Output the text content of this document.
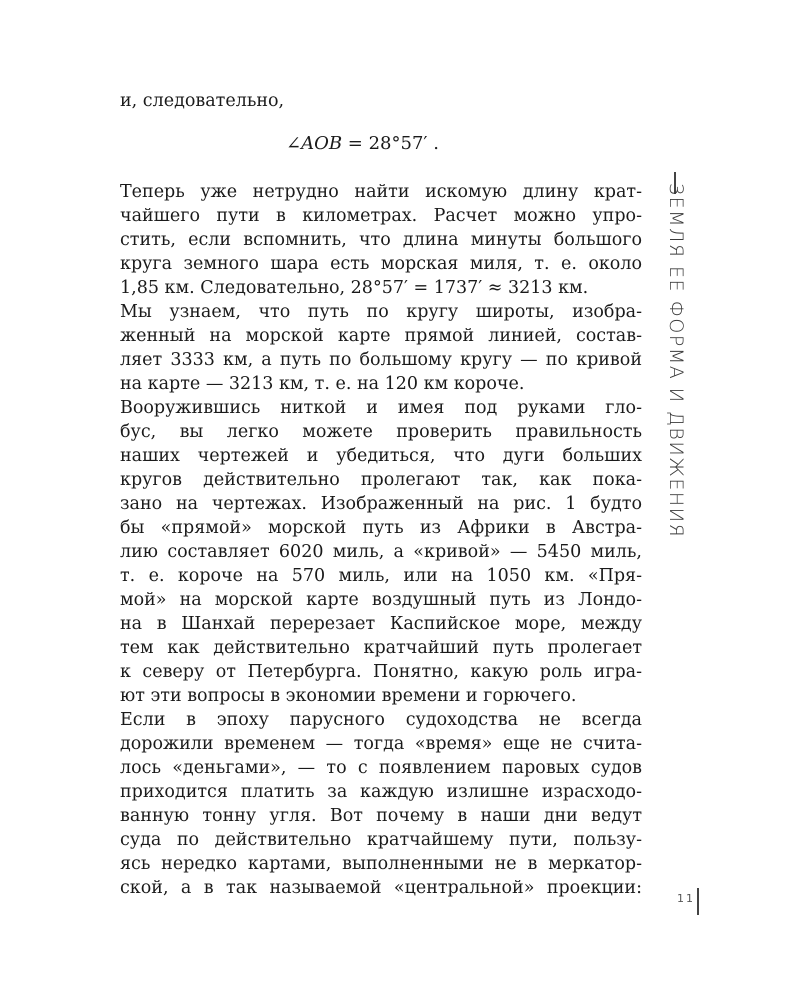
и, следовательно,
∠AOB = 28°57′ .
Теперь уже нетрудно найти искомую длину крат-
чайшего пути в километрах. Расчет можно упро-
стить, если вспомнить, что длина минуты большого
круга земного шара есть морская миля, т. е. около
1,85 км. Следовательно, 28°57′ = 1737′ ≈ 3213 км.
Мы узнаем, что путь по кругу широты, изобра-
женный на морской карте прямой линией, состав-
ляет 3333 км, а путь по большому кругу — по кривой
на карте — 3213 км, т. е. на 120 км короче.
Вооружившись ниткой и имея под руками гло-
бус, вы легко можете проверить правильность
наших чертежей и убедиться, что дуги больших
кругов действительно пролегают так, как пока-
зано на чертежах. Изображенный на рис. 1 будто
бы «прямой» морской путь из Африки в Австра-
лию составляет 6020 миль, а «кривой» — 5450 миль,
т. е. короче на 570 миль, или на 1050 км. «Пря-
мой» на морской карте воздушный путь из Лондо-
на в Шанхай перерезает Каспийское море, между
тем как действительно кратчайший путь пролегает
к северу от Петербурга. Понятно, какую роль игра-
ют эти вопросы в экономии времени и горючего.
Если в эпоху парусного судоходства не всегда
дорожили временем — тогда «время» еще не счита-
лось «деньгами», — то с появлением паровых судов
приходится платить за каждую излишне израсходо-
ванную тонну угля. Вот почему в наши дни ведут
суда по действительно кратчайшему пути, пользу-
ясь нередко картами, выполненными не в меркатор-
ской, а в так называемой «центральной» проекции:
ЗЕМЛЯ ЕЕ ФОРМА И ДВИЖЕНИЯ
11
